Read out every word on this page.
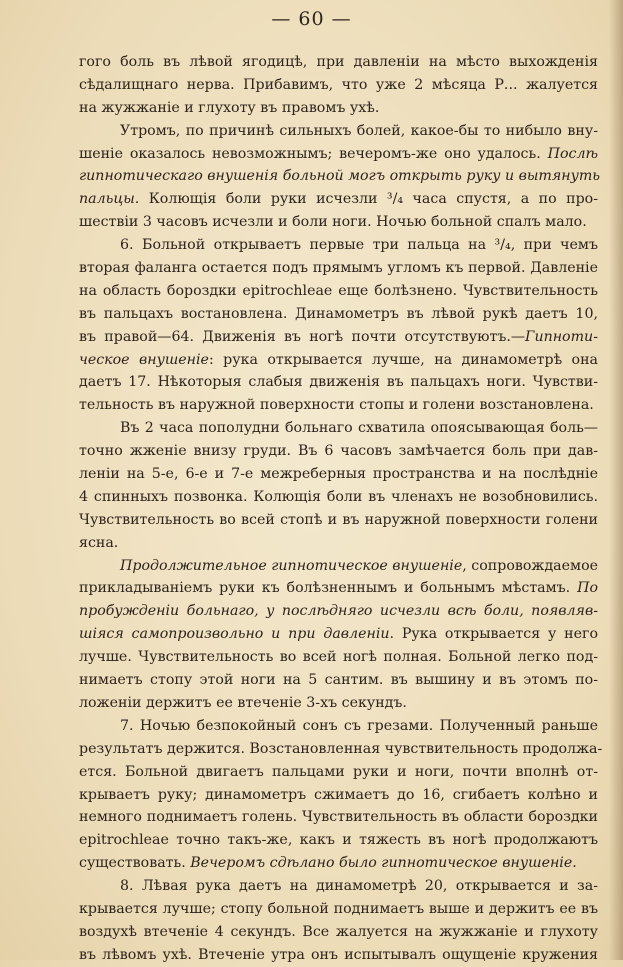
— 60 —
гого боль въ лѣвой ягодицѣ, при давленiи на мѣсто выхожденiя
сѣдалищнаго нерва. Прибавимъ, что уже 2 мѣсяца Р... жалуется
на жужжанiе и глухоту въ правомъ ухѣ.
Утромъ, по причинѣ сильныхъ болей, какое-бы то нибыло вну-
шенiе оказалось невозможнымъ; вечеромъ-же оно удалось. Послѣ
гипнотическаго внушенiя больной могъ открыть руку и вытянуть
пальцы. Колющiя боли руки исчезли ³/₄ часа спустя, а по про-
шествiи 3 часовъ исчезли и боли ноги. Ночью больной спалъ мало.
6. Больной открываетъ первые три пальца на ³/₄, при чемъ
вторая фаланга остается подъ прямымъ угломъ къ первой. Давленiе
на область бороздки epitrochleae еще болѣзнено. Чувствительность
въ пальцахъ востановлена. Динамометръ въ лѣвой рукѣ даетъ 10,
въ правой—64. Движенiя въ ногѣ почти отсутствуютъ.—Гипноти-
ческое внушенiе: рука открывается лучше, на динамометрѣ она
даетъ 17. Нѣкоторыя слабыя движенiя въ пальцахъ ноги. Чувстви-
тельность въ наружной поверхности стопы и голени возстановлена.
Въ 2 часа пополудни больнаго схватила опоясывающая боль—
точно жженiе внизу груди. Въ 6 часовъ замѣчается боль при дав-
ленiи на 5-е, 6-е и 7-е межреберныя пространства и на послѣднiе
4 спинныхъ позвонка. Колющiя боли въ членахъ не возобновились.
Чувствительность во всей стопѣ и въ наружной поверхности голени
ясна.
Продолжительное гипнотическое внушенiе, сопровождаемое
прикладыванiемъ руки къ болѣзненнымъ и больнымъ мѣстамъ. По
пробужденiи больнаго, у послѣдняго исчезли всѣ боли, появляв-
шiяся самопроизвольно и при давленiи. Рука открывается у него
лучше. Чувствительность во всей ногѣ полная. Больной легко под-
нимаетъ стопу этой ноги на 5 сантим. въ вышину и въ этомъ по-
ложенiи держитъ ее втеченiе 3-хъ секундъ.
7. Ночью безпокойный сонъ съ грезами. Полученный раньше
результатъ держится. Возстановленная чувствительность продолжа-
ется. Больной двигаетъ пальцами руки и ноги, почти вполнѣ от-
крываетъ руку; динамометръ сжимаетъ до 16, сгибаетъ колѣно и
немного поднимаетъ голень. Чувствительность въ области бороздки
epitrochleae точно такъ-же, какъ и тяжесть въ ногѣ продолжаютъ
существовать. Вечеромъ сдѣлано было гипнотическое внушенiе.
8. Лѣвая рука даетъ на динамометрѣ 20, открывается и за-
крывается лучше; стопу больной поднимаетъ выше и держитъ ее въ
воздухѣ втеченiе 4 секундъ. Все жалуется на жужжанiе и глухоту
въ лѣвомъ ухѣ. Втеченiе утра онъ испытывалъ ощущенiе кружения
